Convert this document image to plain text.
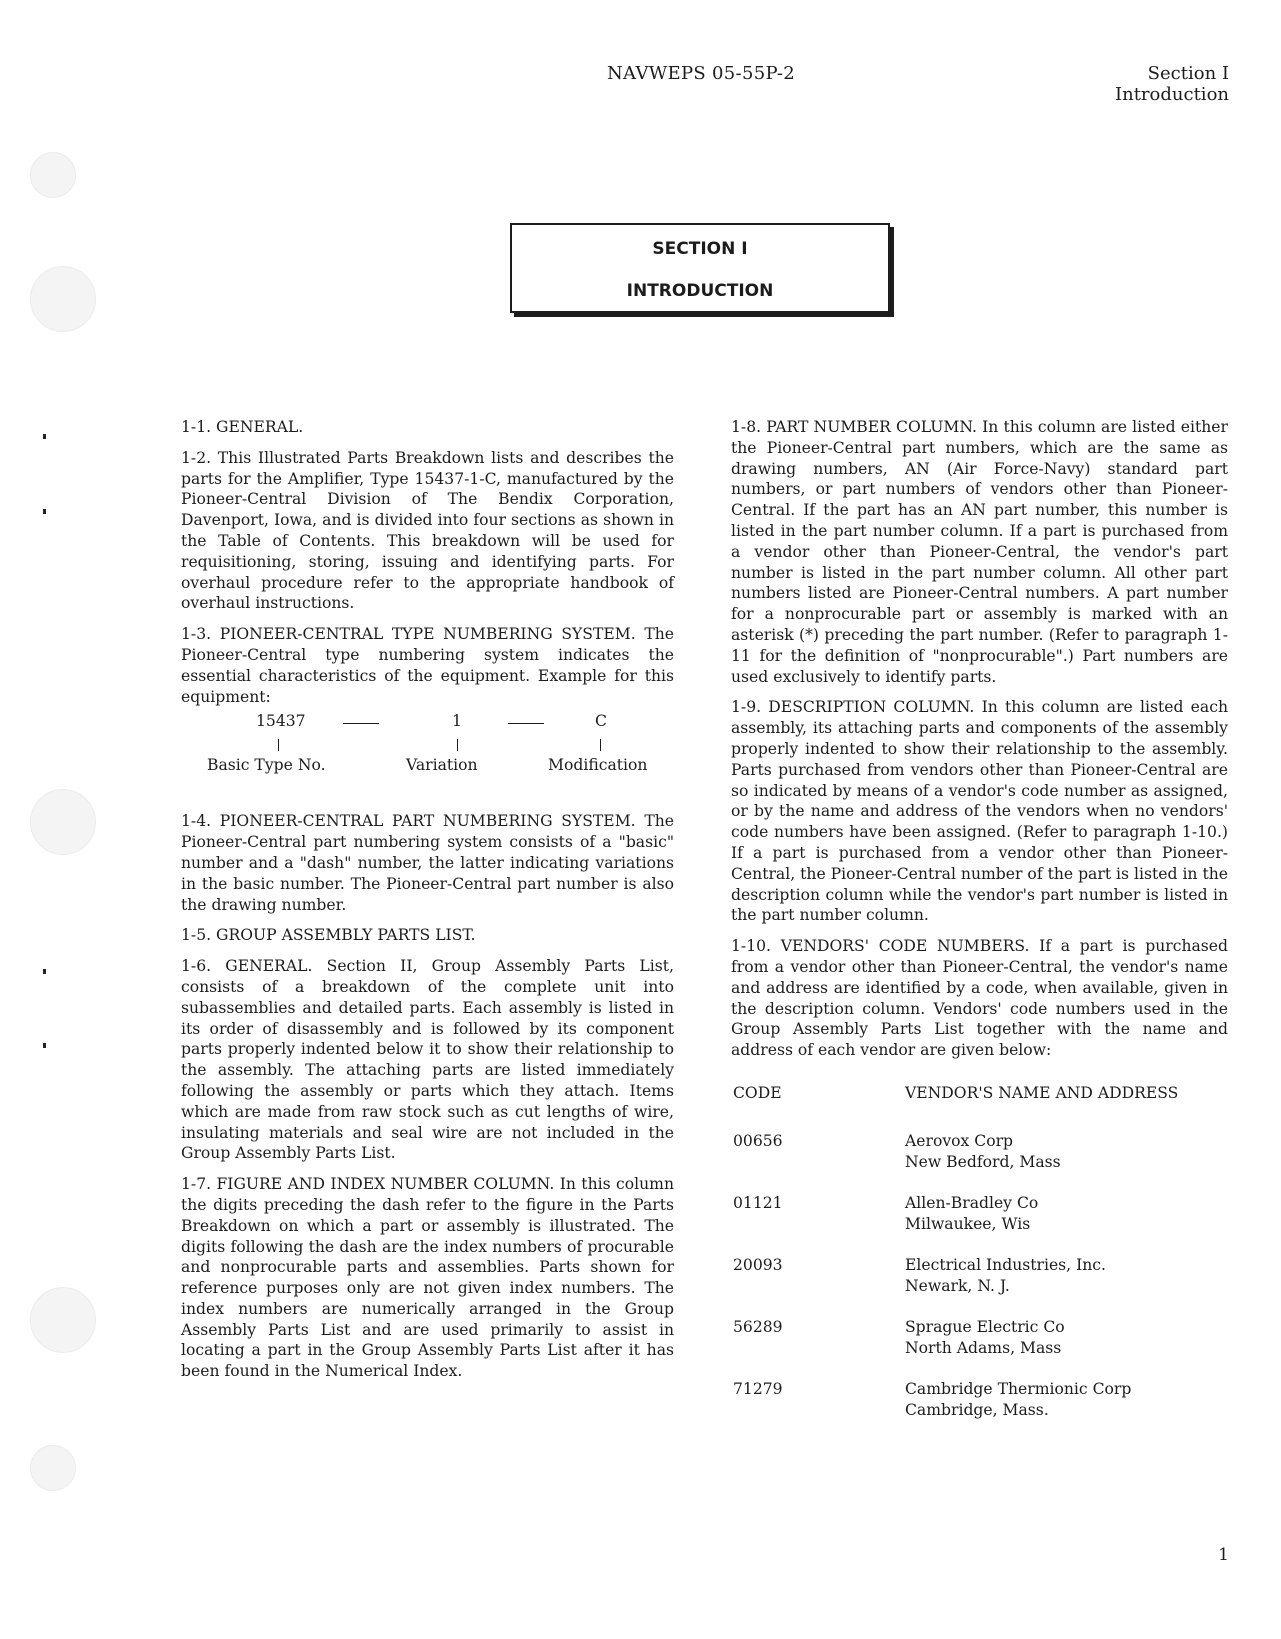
NAVWEPS 05-55P-2	Section I
Introduction
SECTION I
INTRODUCTION

1-1. GENERAL.

1-2. This Illustrated Parts Breakdown lists and describes the parts for the Amplifier, Type 15437-1-C, manufactured by the Pioneer-Central Division of The Bendix Corporation, Davenport, Iowa, and is divided into four sections as shown in the Table of Contents. This breakdown will be used for requisitioning, storing, issuing and identifying parts. For overhaul procedure refer to the appropriate handbook of overhaul instructions.

1-3. PIONEER-CENTRAL TYPE NUMBERING SYSTEM. The Pioneer-Central type numbering system indicates the essential characteristics of the equipment. Example for this equipment:

15437	1	C
Basic Type No.	Variation	Modification

1-4. PIONEER-CENTRAL PART NUMBERING SYSTEM. The Pioneer-Central part numbering system consists of a "basic" number and a "dash" number, the latter indicating variations in the basic number. The Pioneer-Central part number is also the drawing number.

1-5. GROUP ASSEMBLY PARTS LIST.

1-6. GENERAL. Section II, Group Assembly Parts List, consists of a breakdown of the complete unit into subassemblies and detailed parts. Each assembly is listed in its order of disassembly and is followed by its component parts properly indented below it to show their relationship to the assembly. The attaching parts are listed immediately following the assembly or parts which they attach. Items which are made from raw stock such as cut lengths of wire, insulating materials and seal wire are not included in the Group Assembly Parts List.

1-7. FIGURE AND INDEX NUMBER COLUMN. In this column the digits preceding the dash refer to the figure in the Parts Breakdown on which a part or assembly is illustrated. The digits following the dash are the index numbers of procurable and nonprocurable parts and assemblies. Parts shown for reference purposes only are not given index numbers. The index numbers are numerically arranged in the Group Assembly Parts List and are used primarily to assist in locating a part in the Group Assembly Parts List after it has been found in the Numerical Index.

1-8. PART NUMBER COLUMN. In this column are listed either the Pioneer-Central part numbers, which are the same as drawing numbers, AN (Air Force-Navy) standard part numbers, or part numbers of vendors other than Pioneer-Central. If the part has an AN part number, this number is listed in the part number column. If a part is purchased from a vendor other than Pioneer-Central, the vendor's part number is listed in the part number column. All other part numbers listed are Pioneer-Central numbers. A part number for a nonprocurable part or assembly is marked with an asterisk (*) preceding the part number. (Refer to paragraph 1-11 for the definition of "nonprocurable".) Part numbers are used exclusively to identify parts.

1-9. DESCRIPTION COLUMN. In this column are listed each assembly, its attaching parts and components of the assembly properly indented to show their relationship to the assembly. Parts purchased from vendors other than Pioneer-Central are so indicated by means of a vendor's code number as assigned, or by the name and address of the vendors when no vendors' code numbers have been assigned. (Refer to paragraph 1-10.) If a part is purchased from a vendor other than Pioneer-Central, the Pioneer-Central number of the part is listed in the description column while the vendor's part number is listed in the part number column.

1-10. VENDORS' CODE NUMBERS. If a part is purchased from a vendor other than Pioneer-Central, the vendor's name and address are identified by a code, when available, given in the description column. Vendors' code numbers used in the Group Assembly Parts List together with the name and address of each vendor are given below:

CODE	VENDOR'S NAME AND ADDRESS
00656	Aerovox Corp
New Bedford, Mass
01121	Allen-Bradley Co
Milwaukee, Wis
20093	Electrical Industries, Inc.
Newark, N. J.
56289	Sprague Electric Co
North Adams, Mass
71279	Cambridge Thermionic Corp
Cambridge, Mass.
1
